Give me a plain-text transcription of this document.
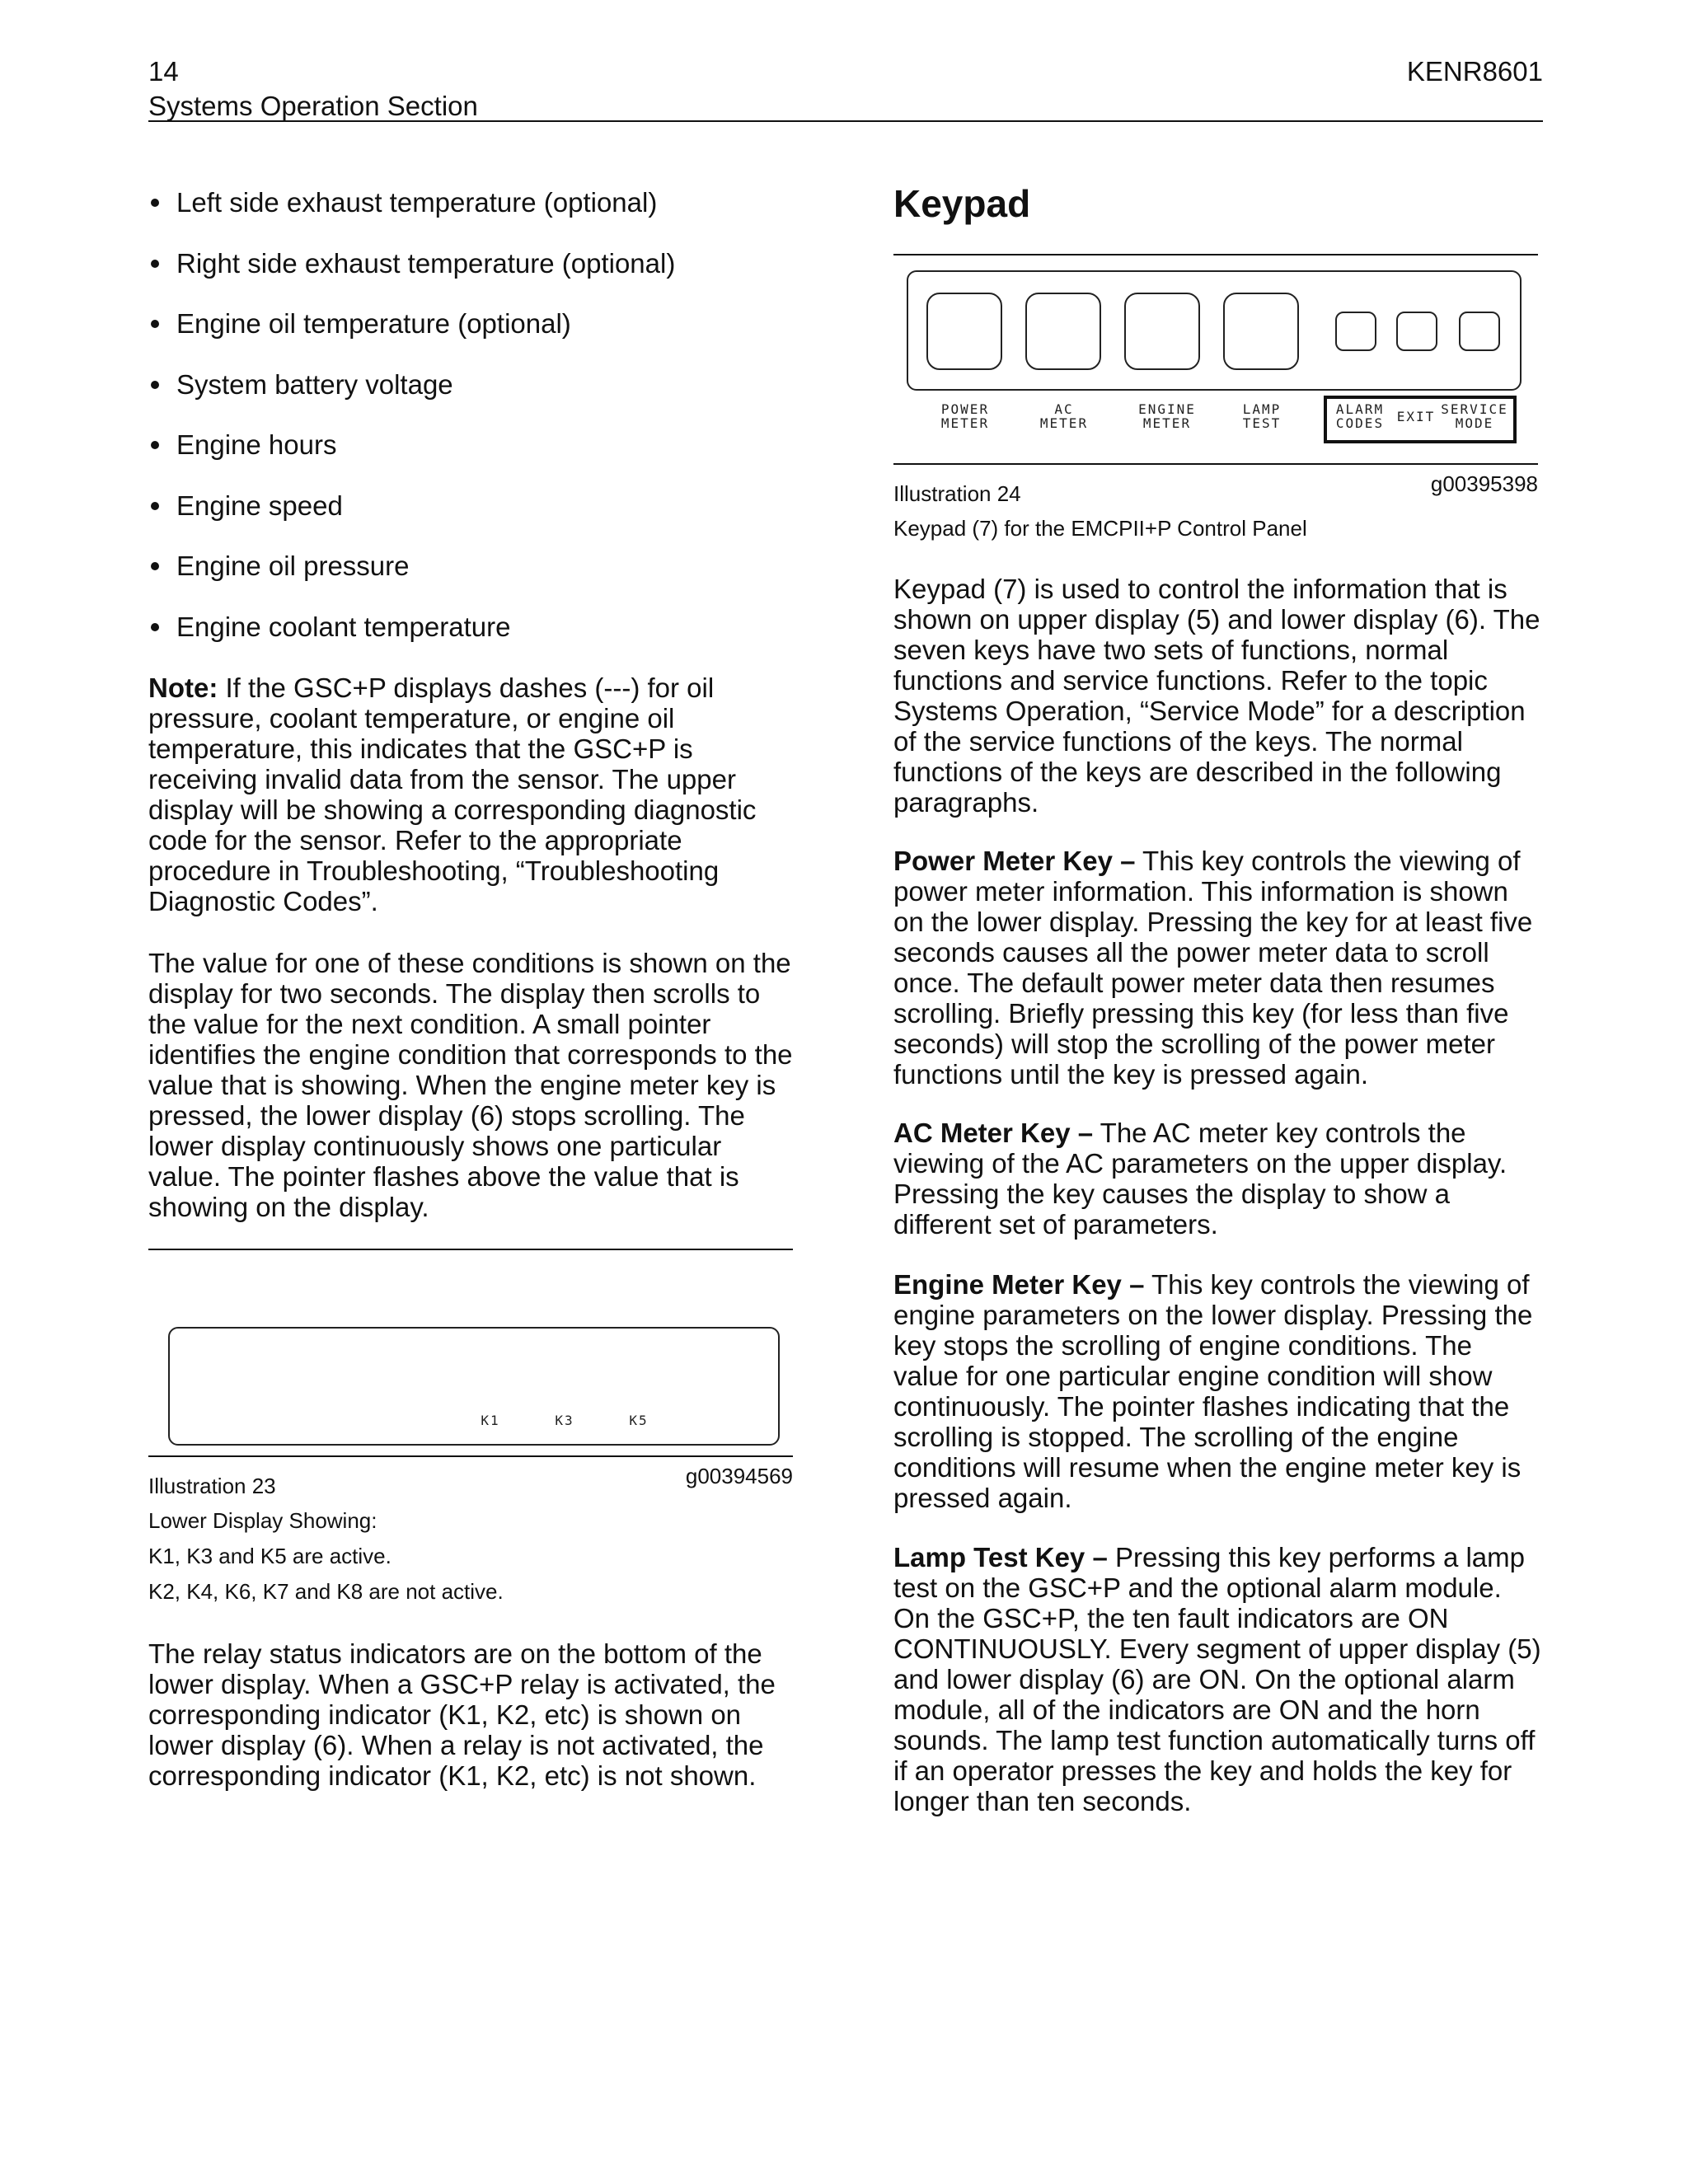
14
Systems Operation Section
KENR8601
Left side exhaust temperature (optional)
Right side exhaust temperature (optional)
Engine oil temperature (optional)
System battery voltage
Engine hours
Engine speed
Engine oil pressure
Engine coolant temperature

Note: If the GSC+P displays dashes (---) for oil pressure, coolant temperature, or engine oil temperature, this indicates that the GSC+P is receiving invalid data from the sensor. The upper display will be showing a corresponding diagnostic code for the sensor. Refer to the appropriate procedure in Troubleshooting, “Troubleshooting Diagnostic Codes”.

The value for one of these conditions is shown on the display for two seconds. The display then scrolls to the value for the next condition. A small pointer identifies the engine condition that corresponds to the value that is showing. When the engine meter key is pressed, the lower display (6) stops scrolling. The lower display continuously shows one particular value. The pointer flashes above the value that is showing on the display.

K1	K3	K5
Illustration 23	g00394569
Lower Display Showing:
K1, K3 and K5 are active.
K2, K4, K6, K7 and K8 are not active.

The relay status indicators are on the bottom of the lower display. When a GSC+P relay is activated, the corresponding indicator (K1, K2, etc) is shown on lower display (6). When a relay is not activated, the corresponding indicator (K1, K2, etc) is not shown.

Keypad
POWER
METER
AC
METER
ENGINE
METER
LAMP
TEST
ALARM
CODES EXIT SERVICE
MODE
Illustration 24	g00395398
Keypad (7) for the EMCPII+P Control Panel

Keypad (7) is used to control the information that is shown on upper display (5) and lower display (6). The seven keys have two sets of functions, normal functions and service functions. Refer to the topic Systems Operation, “Service Mode” for a description of the service functions of the keys. The normal functions of the keys are described in the following paragraphs.

Power Meter Key – This key controls the viewing of power meter information. This information is shown on the lower display. Pressing the key for at least five seconds causes all the power meter data to scroll once. The default power meter data then resumes scrolling. Briefly pressing this key (for less than five seconds) will stop the scrolling of the power meter functions until the key is pressed again.

AC Meter Key – The AC meter key controls the viewing of the AC parameters on the upper display. Pressing the key causes the display to show a different set of parameters.

Engine Meter Key – This key controls the viewing of engine parameters on the lower display. Pressing the key stops the scrolling of engine conditions. The value for one particular engine condition will show continuously. The pointer flashes indicating that the scrolling is stopped. The scrolling of the engine conditions will resume when the engine meter key is pressed again.

Lamp Test Key – Pressing this key performs a lamp test on the GSC+P and the optional alarm module. On the GSC+P, the ten fault indicators are ON CONTINUOUSLY. Every segment of upper display (5) and lower display (6) are ON. On the optional alarm module, all of the indicators are ON and the horn sounds. The lamp test function automatically turns off if an operator presses the key and holds the key for longer than ten seconds.
